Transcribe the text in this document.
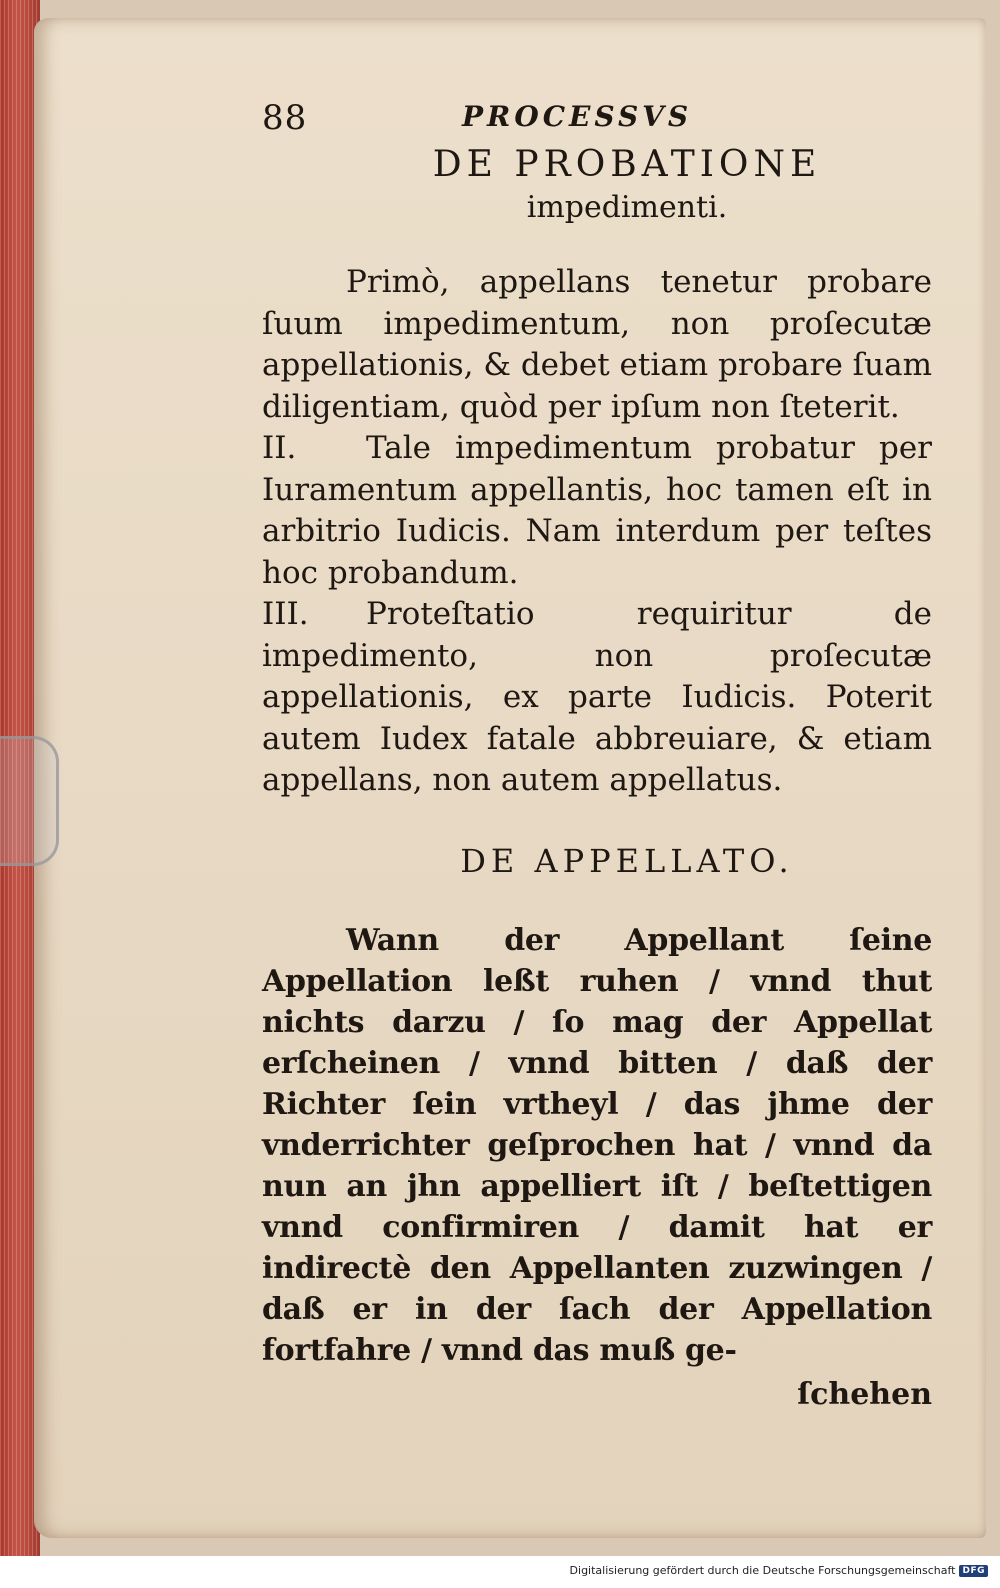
88	PROCESSVS
DE PROBATIONE
impedimenti.

Primò, appellans tenetur probare ſuum impedimentum, non proſecutæ appellationis, & debet etiam probare ſuam diligentiam, quòd per ipſum non ſteterit.

II. Tale impedimentum probatur per Iuramentum appellantis, hoc tamen eſt in arbitrio Iudicis. Nam interdum per teſtes hoc probandum.

III. Proteſtatio requiritur de impedimento, non proſecutæ appellationis, ex parte Iudicis. Poterit autem Iudex fatale abbreuiare, & etiam appellans, non autem appellatus.

DE APPELLATO.

Wann der Appellant ſeine Appellation leßt ruhen / vnnd thut nichts darzu / ſo mag der Appellat erſcheinen / vnnd bitten / daß der Richter ſein vrtheyl / das jhme der vnderrichter geſprochen hat / vnnd da nun an jhn appelliert iſt / beſtettigen vnnd confirmiren / damit hat er indirectè den Appellanten zuzwingen / daß er in der ſach der Appellation fortfahre / vnnd das muß ge-

ſchehen
Digitalisierung gefördert durch die Deutsche Forschungsgemeinschaft DFG
